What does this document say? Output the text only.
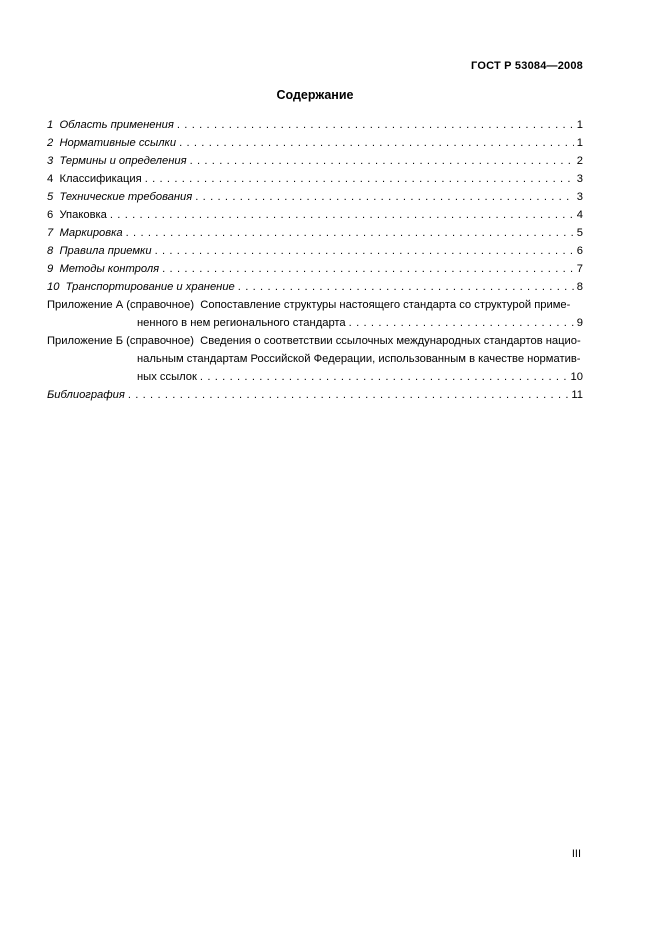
ГОСТ Р 53084—2008
Содержание
1  Область применения . . .	1
2  Нормативные ссылки . . .	1
3  Термины и определения . . .	2
4  Классификация . . .	3
5  Технические требования . . .	3
6  Упаковка . . .	4
7  Маркировка . . .	5
8  Правила приемки . . .	6
9  Методы контроля . . .	7
10  Транспортирование и хранение . . .	8
Приложение А (справочное)  Сопоставление структуры настоящего стандарта со структурой приме-
ненного в нем регионального стандарта . . .	9
Приложение Б (справочное)  Сведения о соответствии ссылочных международных стандартов нацио-
нальным стандартам Российской Федерации, использованным в качестве норматив-
ных ссылок . . .	10
Библиография . . .	11
III
